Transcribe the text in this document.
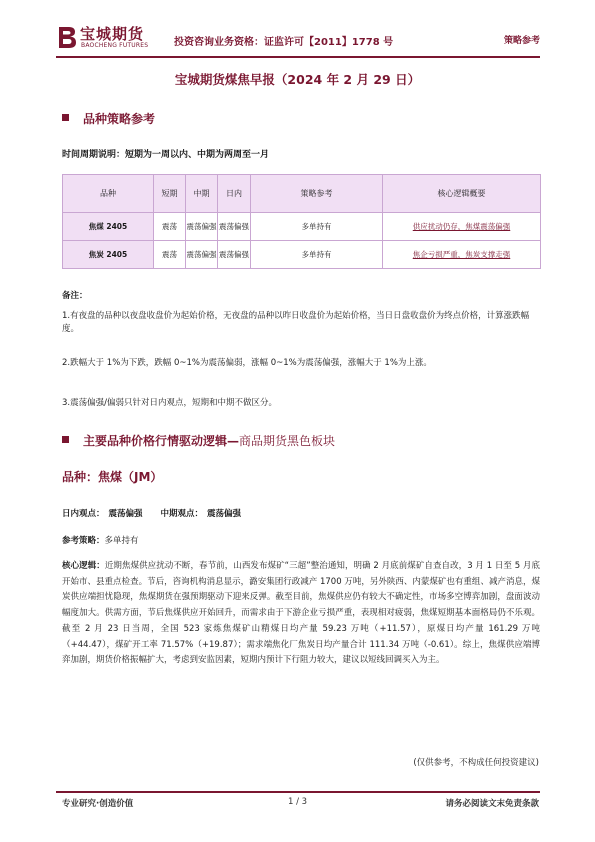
宝城期货
BAOCHENG FUTURES	投资咨询业务资格：证监许可【2011】1778 号	策略参考
宝城期货煤焦早报（2024 年 2 月 29 日）
品种策略参考
时间周期说明：短期为一周以内、中期为两周至一月
品种	短期	中期	日内	策略参考	核心逻辑概要
焦煤 2405	震荡	震荡偏强	震荡偏强	多单持有	供应扰动仍存，焦煤震荡偏强
焦炭 2405	震荡	震荡偏强	震荡偏强	多单持有	焦企亏损严重，焦炭支撑走强
备注：
1.有夜盘的品种以夜盘收盘价为起始价格，无夜盘的品种以昨日收盘价为起始价格，当日日盘收盘价为终点价格，计算涨跌幅度。
2.跌幅大于 1%为下跌，跌幅 0~1%为震荡偏弱，涨幅 0~1%为震荡偏强，涨幅大于 1%为上涨。
3.震荡偏强/偏弱只针对日内观点，短期和中期不做区分。
主要品种价格行情驱动逻辑—商品期货黑色板块
品种：焦煤（JM）
日内观点： 震荡偏强 中期观点： 震荡偏强
参考策略：多单持有
核心逻辑：近期焦煤供应扰动不断，春节前，山西发布煤矿“三超”整治通知，明确 2 月底前煤矿自查自改，3 月 1 日至 5 月底开始市、县重点检查。节后，咨询机构消息显示，潞安集团行政减产 1700 万吨，另外陕西、内蒙煤矿也有重组、减产消息，煤炭供应端担忧隐现，焦煤期货在强预期驱动下迎来反弹。截至目前，焦煤供应仍有较大不确定性，市场多空博弈加剧，盘面波动幅度加大。供需方面，节后焦煤供应开始回升，而需求由于下游企业亏损严重，表现相对疲弱，焦煤短期基本面格局仍不乐观。截至 2 月 23 日当周，全国 523 家炼焦煤矿山精煤日均产量 59.23 万吨（+11.57），原煤日均产量 161.29 万吨（+44.47），煤矿开工率 71.57%（+19.87）；需求端焦化厂焦炭日均产量合计 111.34 万吨（-0.61）。综上，焦煤供应端博弈加剧，期货价格振幅扩大，考虑到安监因素，短期内预计下行阻力较大，建议以短线回调买入为主。
(仅供参考，不构成任何投资建议)
专业研究·创造价值	1 / 3	请务必阅读文末免责条款
